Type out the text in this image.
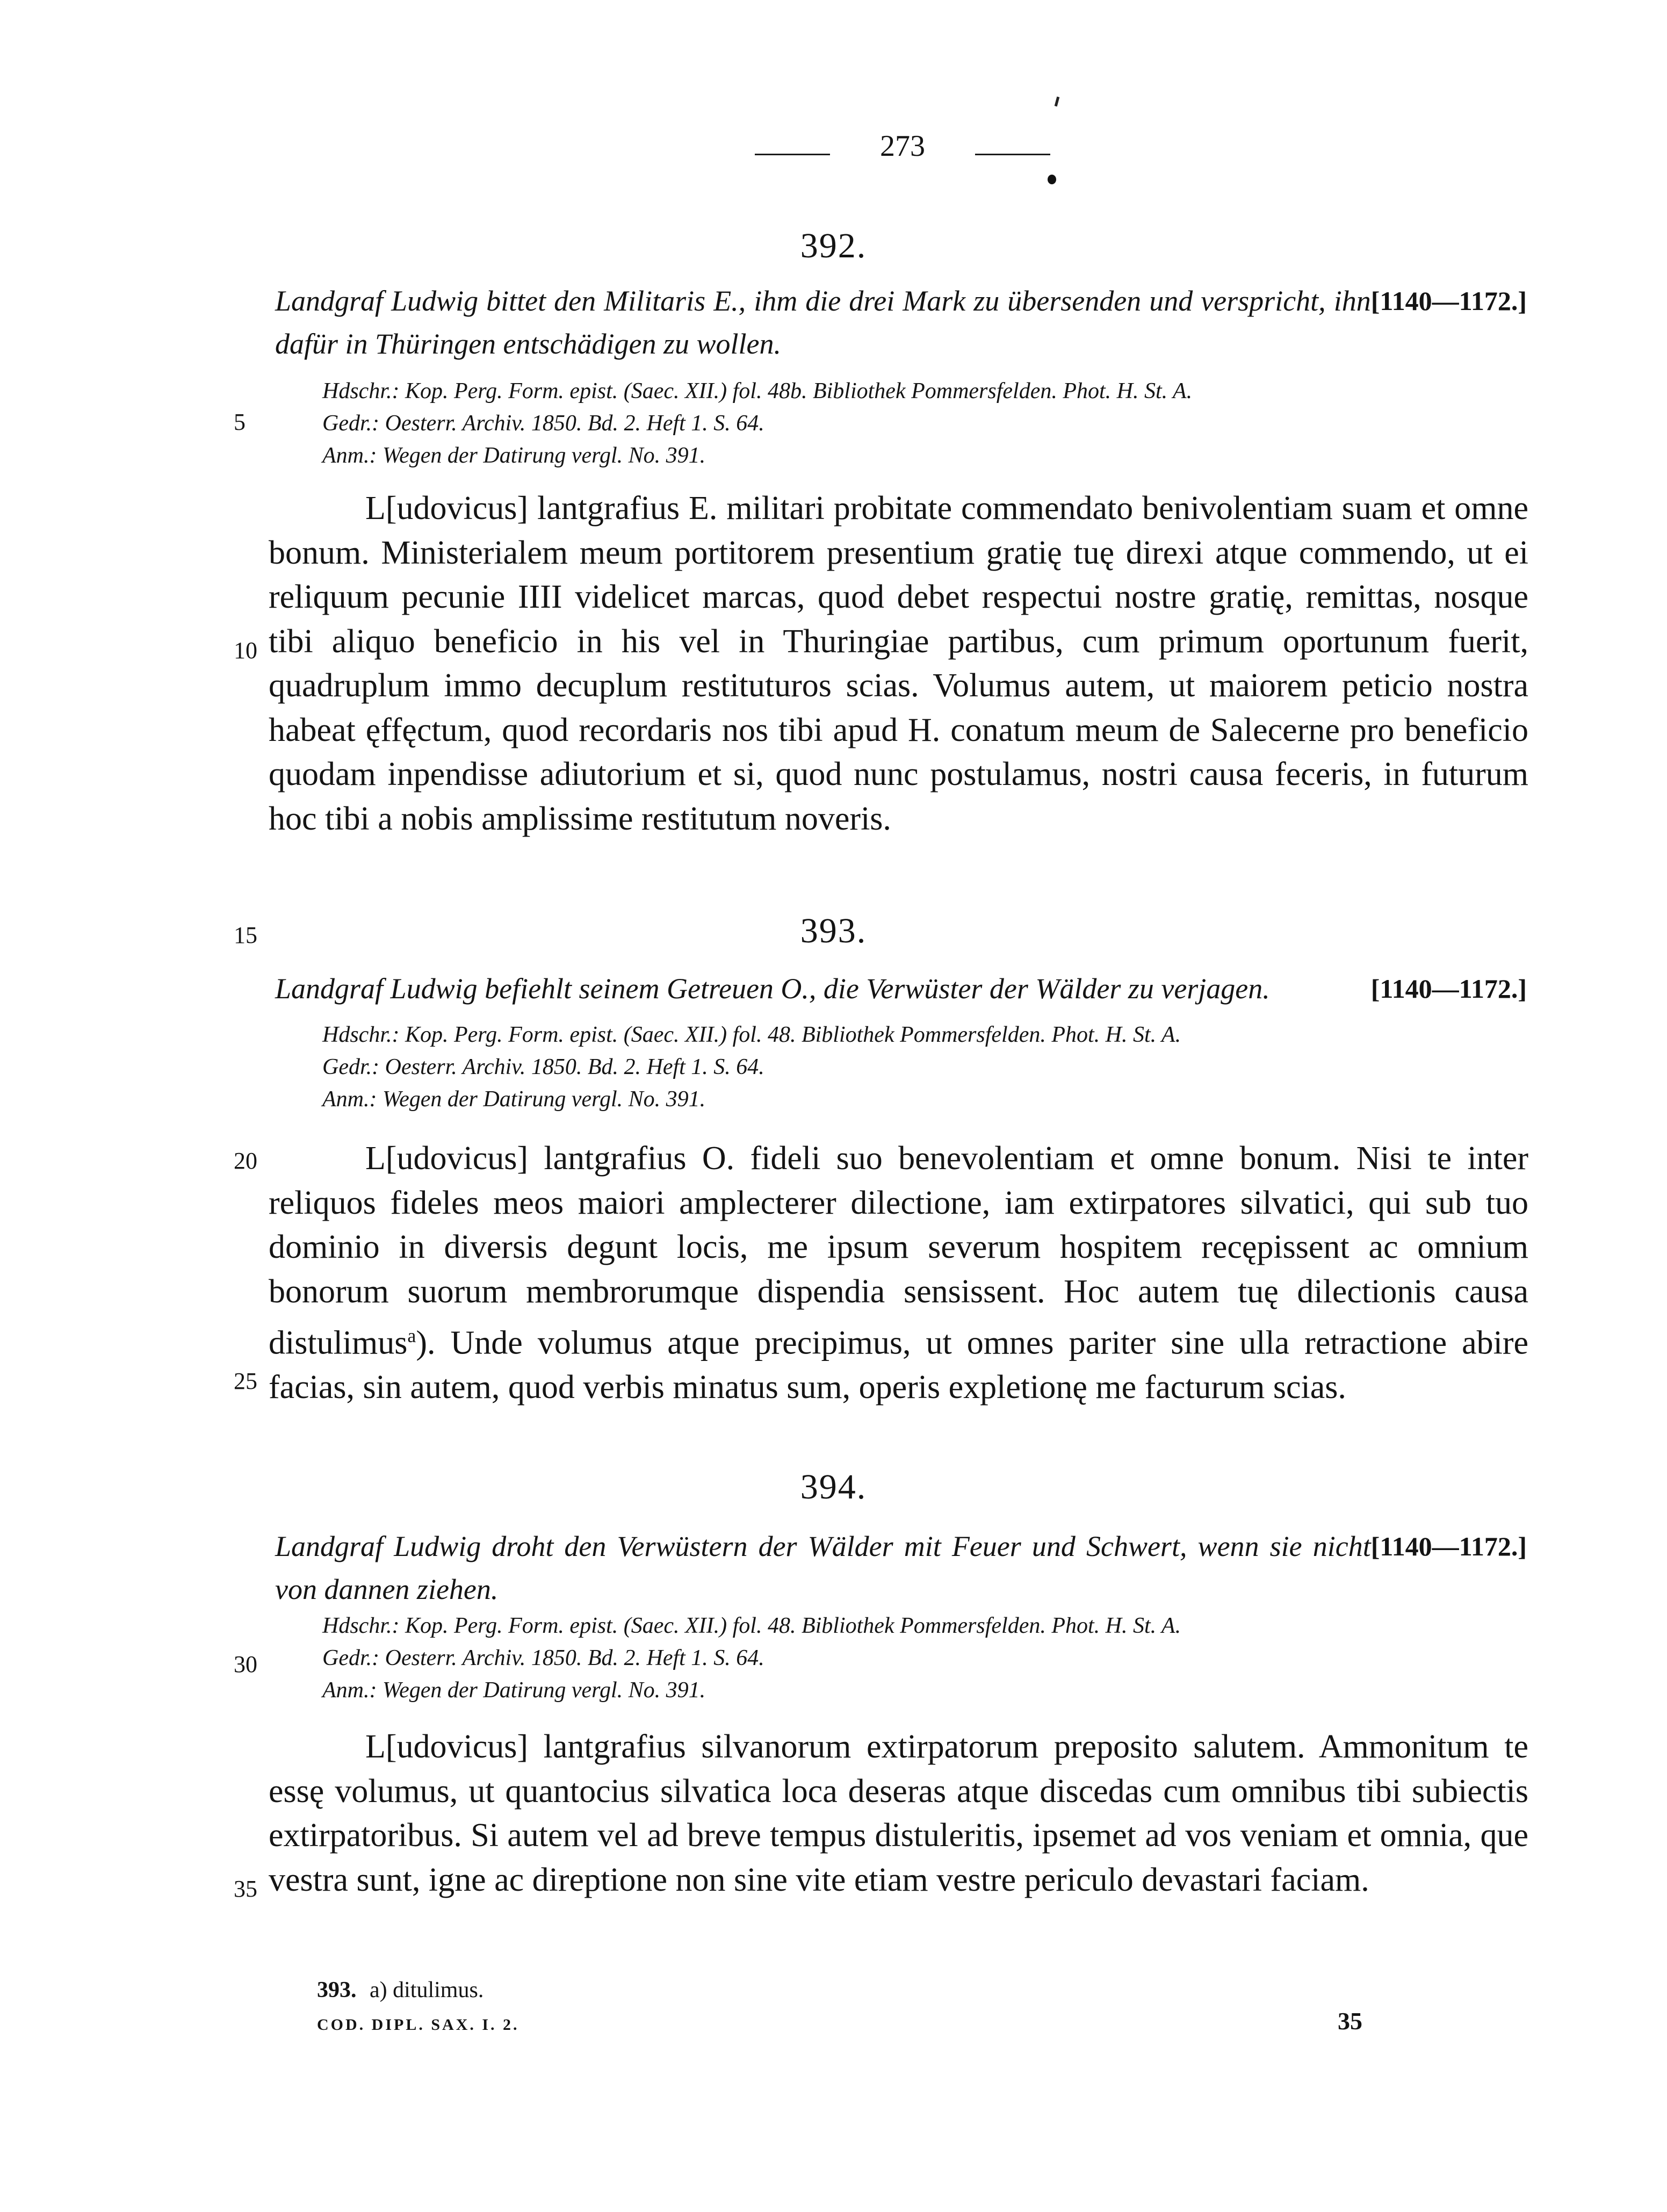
273
392.
[1140—1172.]
Landgraf Ludwig bittet den Militaris E., ihm die drei Mark zu übersenden und verspricht, ihn dafür in Thüringen entschädigen zu wollen.
Hdschr.: Kop. Perg. Form. epist. (Saec. XII.) fol. 48b. Bibliothek Pommersfelden. Phot. H. St. A.
Gedr.: Oesterr. Archiv. 1850. Bd. 2. Heft 1. S. 64.
Anm.: Wegen der Datirung vergl. No. 391.

L[udovicus] lantgrafius E. militari probitate commendato benivolentiam suam et omne bonum. Ministerialem meum portitorem presentium gratię tuę direxi atque commendo, ut ei reliquum pecunie IIII videlicet marcas, quod debet respectui nostre gratię, remittas, nosque tibi aliquo beneficio in his vel in Thuringiae partibus, cum primum oportunum fuerit, quadruplum immo decuplum restituturos scias. Volumus autem, ut maiorem peticio nostra habeat ęffęctum, quod recordaris nos tibi apud H. conatum meum de Salecerne pro beneficio quodam inpendisse adiutorium et si, quod nunc postulamus, nostri causa feceris, in futurum hoc tibi a nobis amplissime restitutum noveris.

393.
[1140—1172.]
Landgraf Ludwig befiehlt seinem Getreuen O., die Verwüster der Wälder zu verjagen.
Hdschr.: Kop. Perg. Form. epist. (Saec. XII.) fol. 48. Bibliothek Pommersfelden. Phot. H. St. A.
Gedr.: Oesterr. Archiv. 1850. Bd. 2. Heft 1. S. 64.
Anm.: Wegen der Datirung vergl. No. 391.

L[udovicus] lantgrafius O. fideli suo benevolentiam et omne bonum. Nisi te inter reliquos fideles meos maiori amplecterer dilectione, iam extirpatores silvatici, qui sub tuo dominio in diversis degunt locis, me ipsum severum hospitem recępissent ac omnium bonorum suorum membrorumque dispendia sensissent. Hoc autem tuę dilectionis causa distulimus$^a$). Unde volumus atque precipimus, ut omnes pariter sine ulla retractione abire facias, sin autem, quod verbis minatus sum, operis expletionę me facturum scias.

394.
[1140—1172.]
Landgraf Ludwig droht den Verwüstern der Wälder mit Feuer und Schwert, wenn sie nicht von dannen ziehen.
Hdschr.: Kop. Perg. Form. epist. (Saec. XII.) fol. 48. Bibliothek Pommersfelden. Phot. H. St. A.
Gedr.: Oesterr. Archiv. 1850. Bd. 2. Heft 1. S. 64.
Anm.: Wegen der Datirung vergl. No. 391.

L[udovicus] lantgrafius silvanorum extirpatorum preposito salutem. Ammonitum te essę volumus, ut quantocius silvatica loca deseras atque discedas cum omnibus tibi subiectis extirpatoribus. Si autem vel ad breve tempus distuleritis, ipsemet ad vos veniam et omnia, que vestra sunt, igne ac direptione non sine vite etiam vestre periculo devastari faciam.

5
10
15
20
25
30
35
393. a) ditulimus.
COD. DIPL. SAX. I. 2.	35
